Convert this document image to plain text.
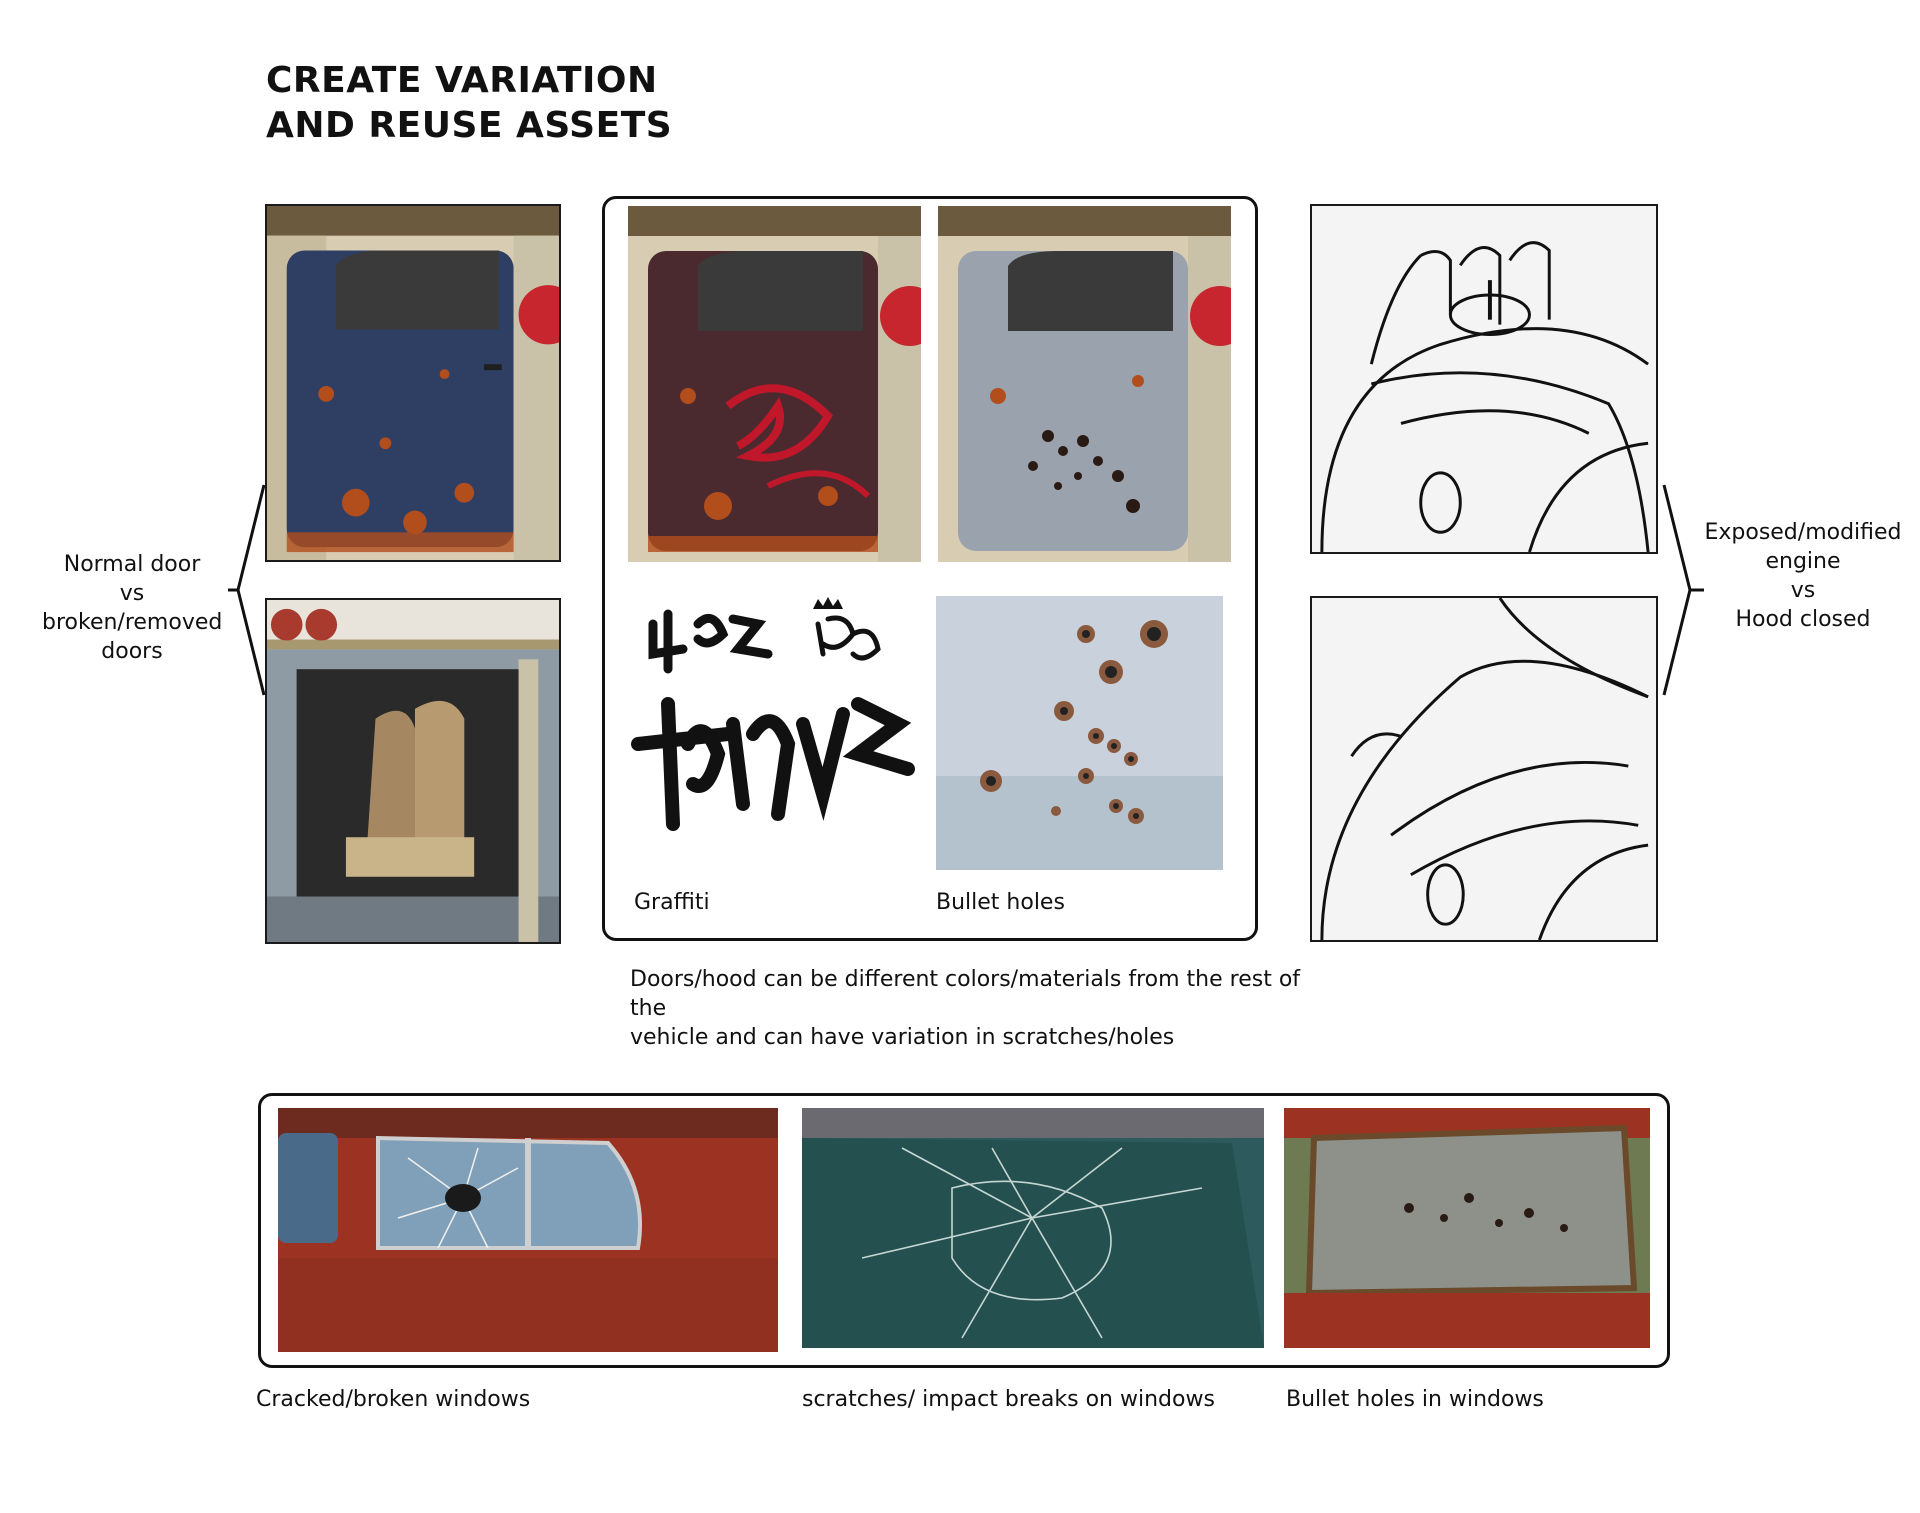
CREATE VARIATION
AND REUSE ASSETS
Normal door
vs
broken/removed
doors
Graffiti	Bullet holes
Doors/hood can be different colors/materials from the rest of the
vehicle and can have variation in scratches/holes
Exposed/modified
engine
vs
Hood closed
Cracked/broken windows	scratches/ impact breaks on windows	Bullet holes in windows
